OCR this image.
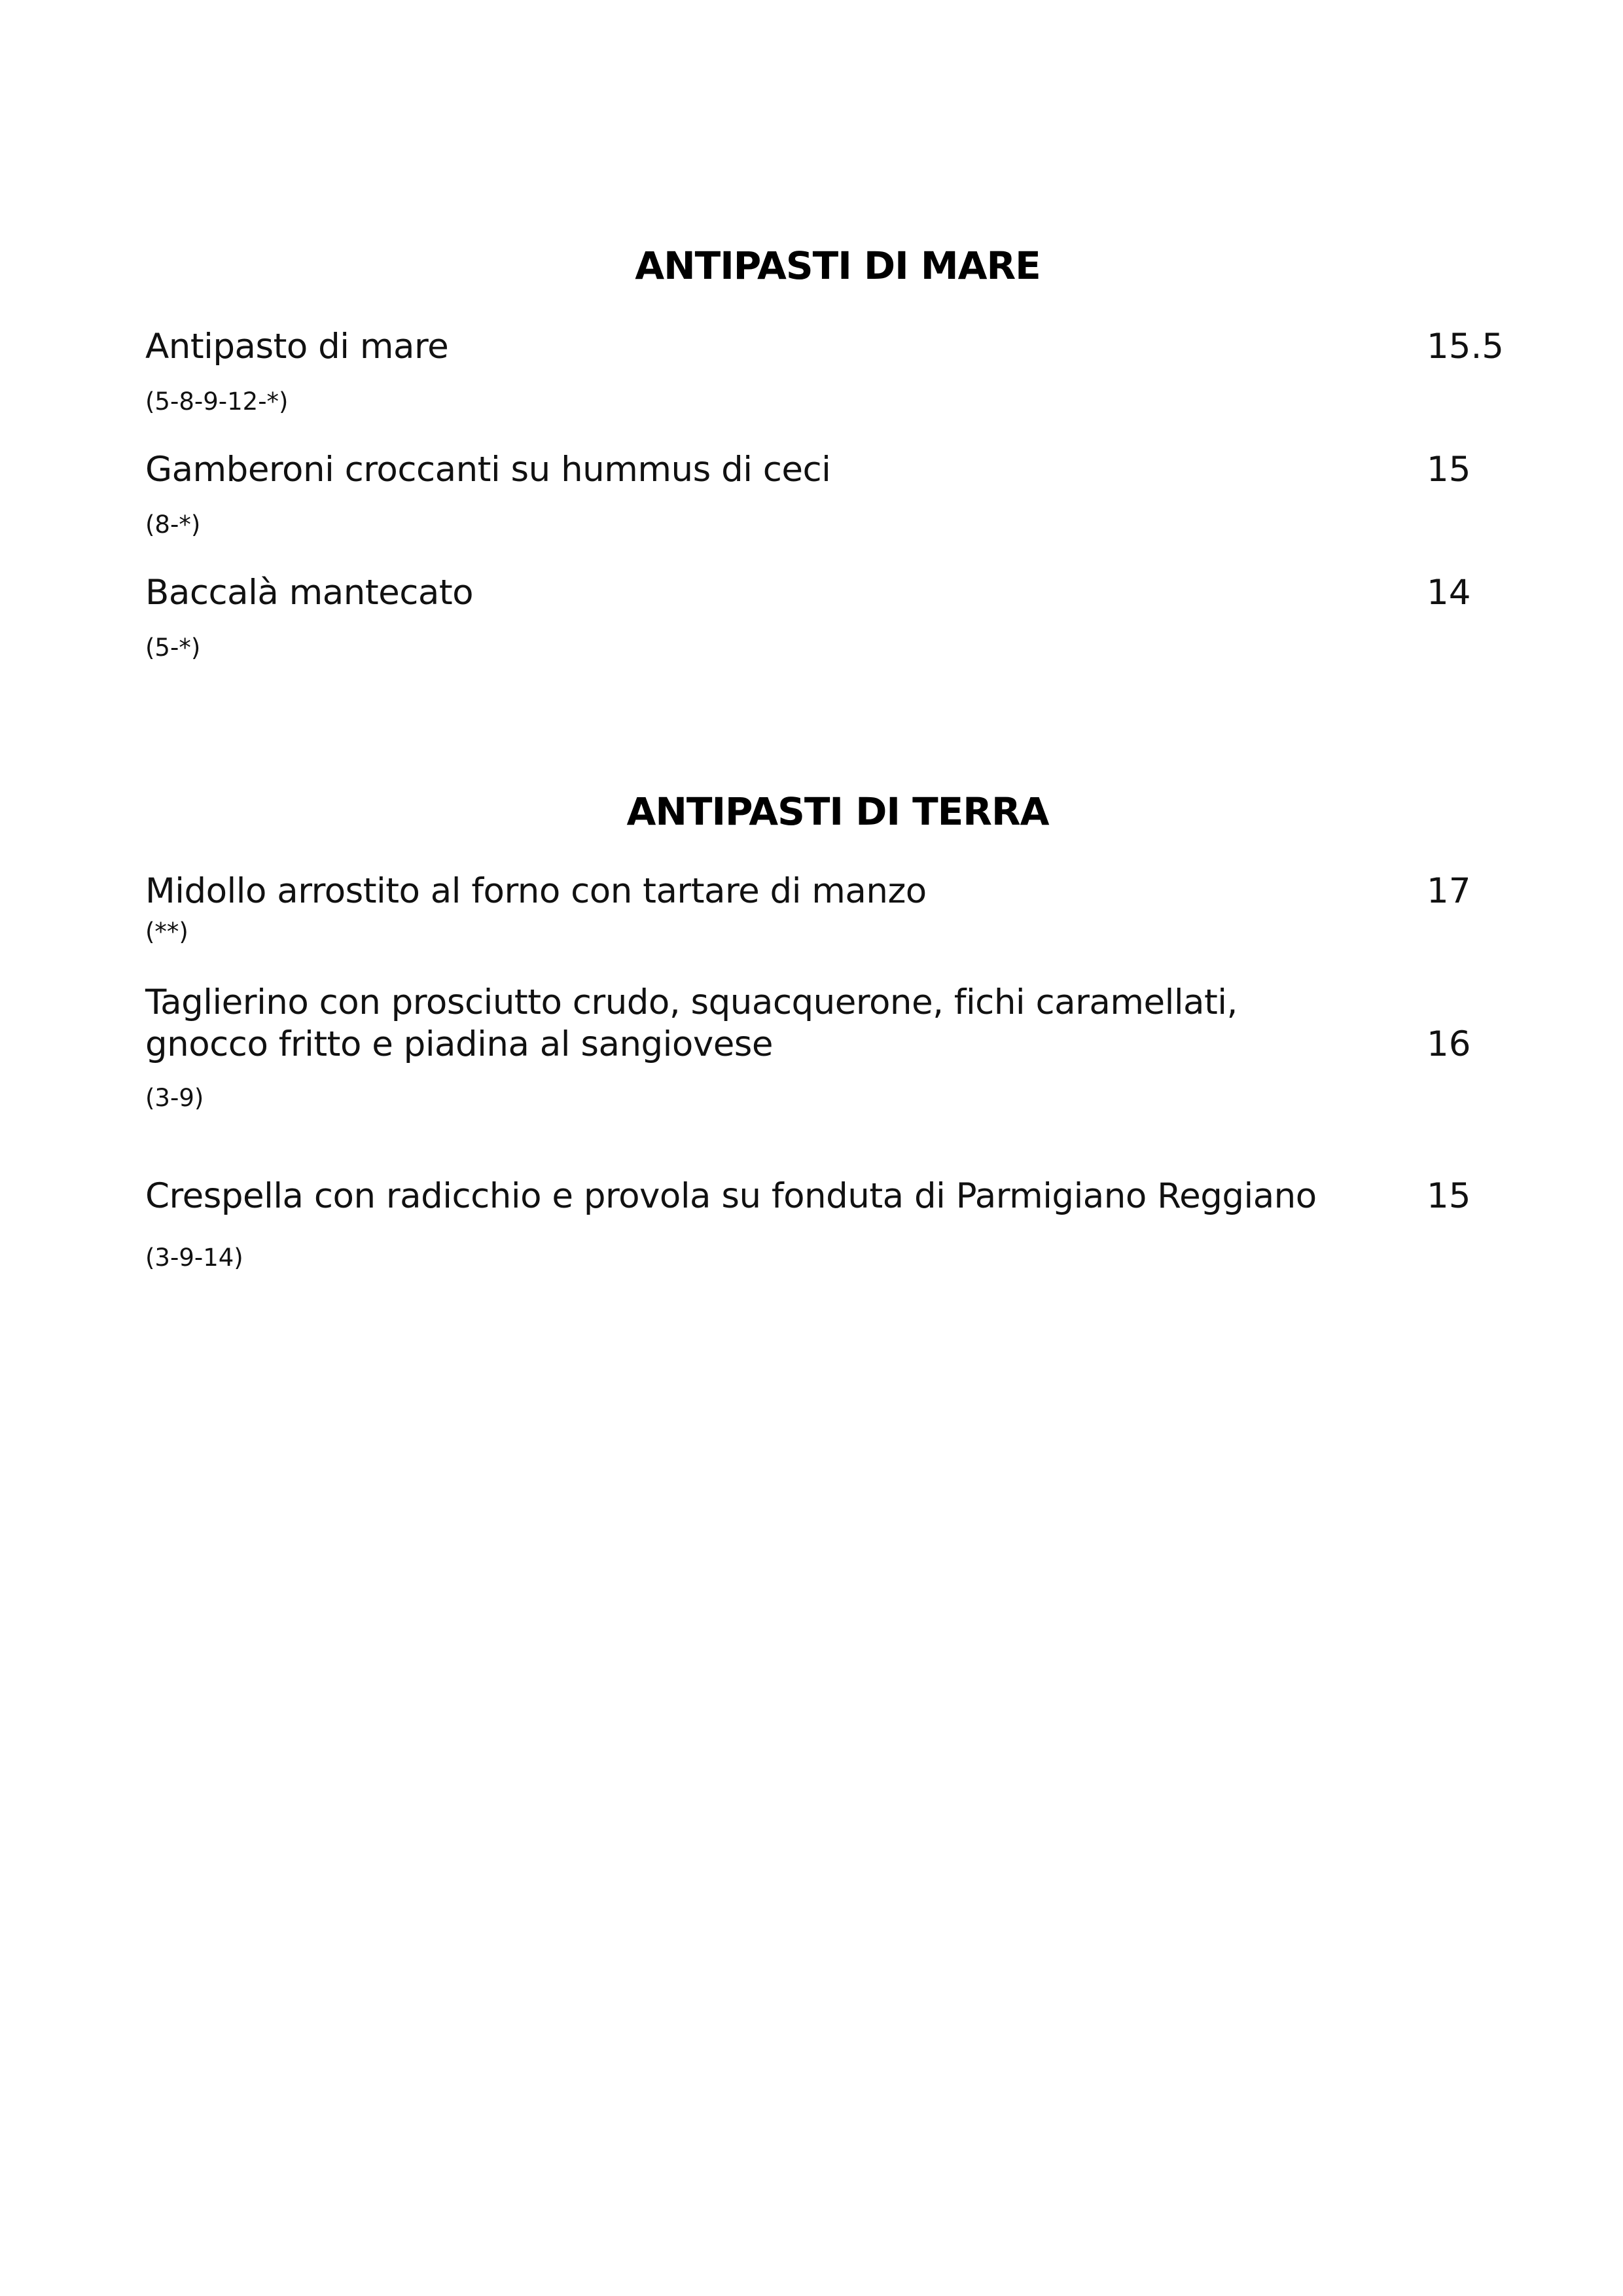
ANTIPASTI DI MARE
Antipasto di mare	15.5
(5-8-9-12-*)
Gamberoni croccanti su hummus di ceci	15
(8-*)
Baccalà mantecato	14
(5-*)
ANTIPASTI DI TERRA
Midollo arrostito al forno con tartare di manzo	17
(**)
Taglierino con prosciutto crudo, squacquerone, fichi caramellati,
gnocco fritto e piadina al sangiovese	16
(3-9)
Crespella con radicchio e provola su fonduta di Parmigiano Reggiano	15
(3-9-14)
